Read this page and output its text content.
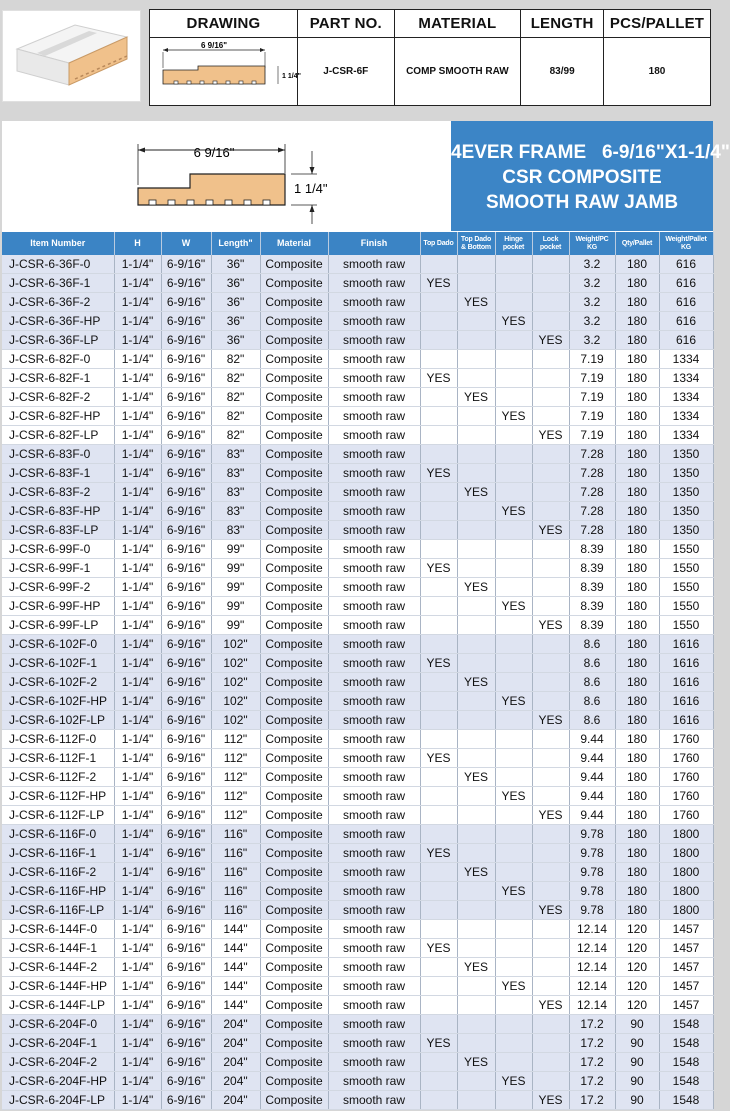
DRAWING	PART NO.	MATERIAL	LENGTH	PCS/PALLET

6 9/16"
1 1/4"	J-CSR-6F	COMP SMOOTH RAW	83/99	180
6 9/16"
1 1/4"
4EVER FRAME   6-9/16"X1-1/4"
CSR COMPOSITE
SMOOTH RAW JAMB
Item Number	H	W	Length"	Material	Finish	Top Dado	Top Dado & Bottom	Hinge pocket	Lock pocket	Weight/PC KG	Qty/Pallet	Weight/Pallet KG
J-CSR-6-36F-0	1-1/4"	6-9/16"	36"	Composite	smooth raw					3.2	180	616
J-CSR-6-36F-1	1-1/4"	6-9/16"	36"	Composite	smooth raw	YES				3.2	180	616
J-CSR-6-36F-2	1-1/4"	6-9/16"	36"	Composite	smooth raw		YES			3.2	180	616
J-CSR-6-36F-HP	1-1/4"	6-9/16"	36"	Composite	smooth raw			YES		3.2	180	616
J-CSR-6-36F-LP	1-1/4"	6-9/16"	36"	Composite	smooth raw				YES	3.2	180	616
J-CSR-6-82F-0	1-1/4"	6-9/16"	82"	Composite	smooth raw					7.19	180	1334
J-CSR-6-82F-1	1-1/4"	6-9/16"	82"	Composite	smooth raw	YES				7.19	180	1334
J-CSR-6-82F-2	1-1/4"	6-9/16"	82"	Composite	smooth raw		YES			7.19	180	1334
J-CSR-6-82F-HP	1-1/4"	6-9/16"	82"	Composite	smooth raw			YES		7.19	180	1334
J-CSR-6-82F-LP	1-1/4"	6-9/16"	82"	Composite	smooth raw				YES	7.19	180	1334
J-CSR-6-83F-0	1-1/4"	6-9/16"	83"	Composite	smooth raw					7.28	180	1350
J-CSR-6-83F-1	1-1/4"	6-9/16"	83"	Composite	smooth raw	YES				7.28	180	1350
J-CSR-6-83F-2	1-1/4"	6-9/16"	83"	Composite	smooth raw		YES			7.28	180	1350
J-CSR-6-83F-HP	1-1/4"	6-9/16"	83"	Composite	smooth raw			YES		7.28	180	1350
J-CSR-6-83F-LP	1-1/4"	6-9/16"	83"	Composite	smooth raw				YES	7.28	180	1350
J-CSR-6-99F-0	1-1/4"	6-9/16"	99"	Composite	smooth raw					8.39	180	1550
J-CSR-6-99F-1	1-1/4"	6-9/16"	99"	Composite	smooth raw	YES				8.39	180	1550
J-CSR-6-99F-2	1-1/4"	6-9/16"	99"	Composite	smooth raw		YES			8.39	180	1550
J-CSR-6-99F-HP	1-1/4"	6-9/16"	99"	Composite	smooth raw			YES		8.39	180	1550
J-CSR-6-99F-LP	1-1/4"	6-9/16"	99"	Composite	smooth raw				YES	8.39	180	1550
J-CSR-6-102F-0	1-1/4"	6-9/16"	102"	Composite	smooth raw					8.6	180	1616
J-CSR-6-102F-1	1-1/4"	6-9/16"	102"	Composite	smooth raw	YES				8.6	180	1616
J-CSR-6-102F-2	1-1/4"	6-9/16"	102"	Composite	smooth raw		YES			8.6	180	1616
J-CSR-6-102F-HP	1-1/4"	6-9/16"	102"	Composite	smooth raw			YES		8.6	180	1616
J-CSR-6-102F-LP	1-1/4"	6-9/16"	102"	Composite	smooth raw				YES	8.6	180	1616
J-CSR-6-112F-0	1-1/4"	6-9/16"	112"	Composite	smooth raw					9.44	180	1760
J-CSR-6-112F-1	1-1/4"	6-9/16"	112"	Composite	smooth raw	YES				9.44	180	1760
J-CSR-6-112F-2	1-1/4"	6-9/16"	112"	Composite	smooth raw		YES			9.44	180	1760
J-CSR-6-112F-HP	1-1/4"	6-9/16"	112"	Composite	smooth raw			YES		9.44	180	1760
J-CSR-6-112F-LP	1-1/4"	6-9/16"	112"	Composite	smooth raw				YES	9.44	180	1760
J-CSR-6-116F-0	1-1/4"	6-9/16"	116"	Composite	smooth raw					9.78	180	1800
J-CSR-6-116F-1	1-1/4"	6-9/16"	116"	Composite	smooth raw	YES				9.78	180	1800
J-CSR-6-116F-2	1-1/4"	6-9/16"	116"	Composite	smooth raw		YES			9.78	180	1800
J-CSR-6-116F-HP	1-1/4"	6-9/16"	116"	Composite	smooth raw			YES		9.78	180	1800
J-CSR-6-116F-LP	1-1/4"	6-9/16"	116"	Composite	smooth raw				YES	9.78	180	1800
J-CSR-6-144F-0	1-1/4"	6-9/16"	144"	Composite	smooth raw					12.14	120	1457
J-CSR-6-144F-1	1-1/4"	6-9/16"	144"	Composite	smooth raw	YES				12.14	120	1457
J-CSR-6-144F-2	1-1/4"	6-9/16"	144"	Composite	smooth raw		YES			12.14	120	1457
J-CSR-6-144F-HP	1-1/4"	6-9/16"	144"	Composite	smooth raw			YES		12.14	120	1457
J-CSR-6-144F-LP	1-1/4"	6-9/16"	144"	Composite	smooth raw				YES	12.14	120	1457
J-CSR-6-204F-0	1-1/4"	6-9/16"	204"	Composite	smooth raw					17.2	90	1548
J-CSR-6-204F-1	1-1/4"	6-9/16"	204"	Composite	smooth raw	YES				17.2	90	1548
J-CSR-6-204F-2	1-1/4"	6-9/16"	204"	Composite	smooth raw		YES			17.2	90	1548
J-CSR-6-204F-HP	1-1/4"	6-9/16"	204"	Composite	smooth raw			YES		17.2	90	1548
J-CSR-6-204F-LP	1-1/4"	6-9/16"	204"	Composite	smooth raw				YES	17.2	90	1548
